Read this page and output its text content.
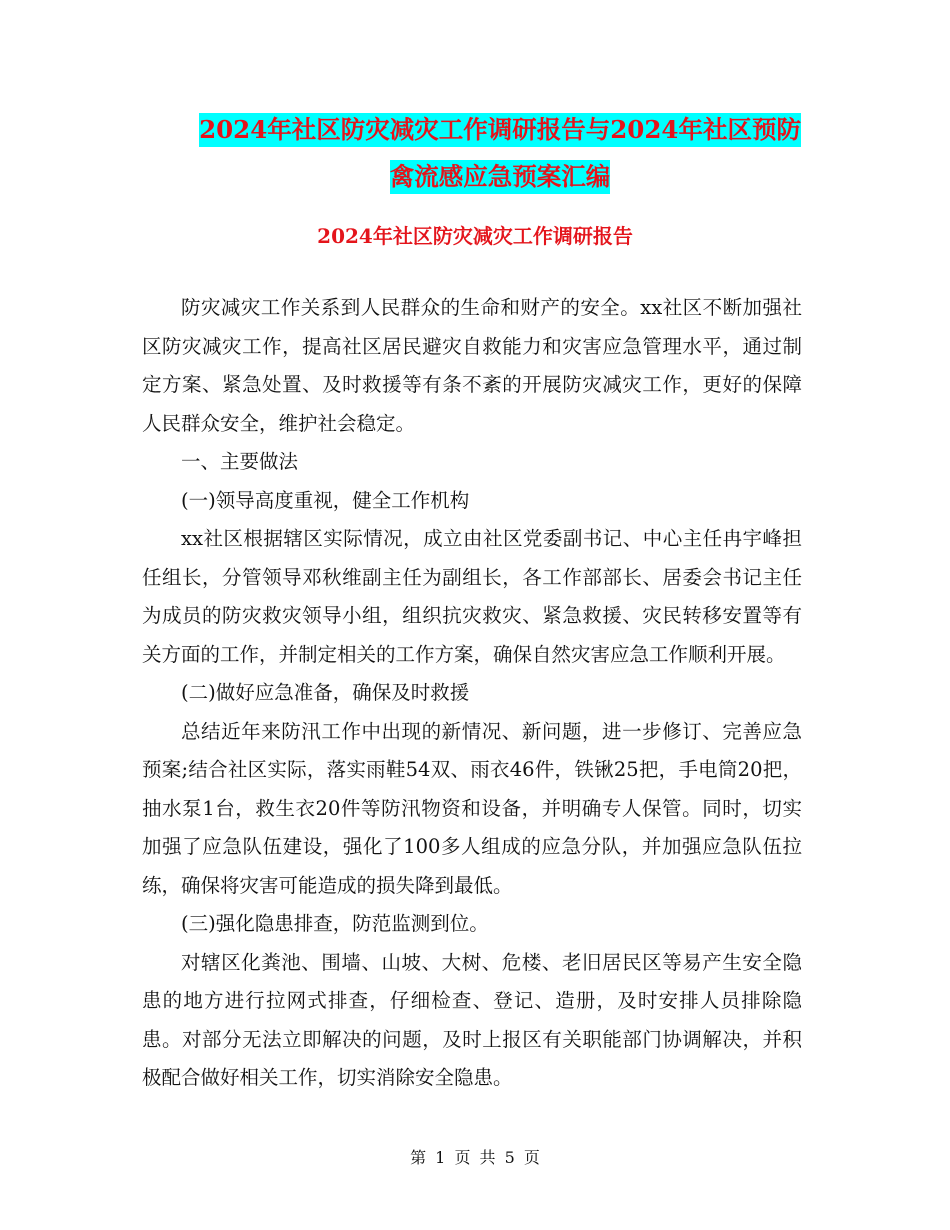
2024年社区防灾减灾工作调研报告与2024年社区预防
禽流感应急预案汇编
2024年社区防灾减灾工作调研报告

防灾减灾工作关系到人民群众的生命和财产的安全。xx社区不断加强社区防灾减灾工作，提高社区居民避灾自救能力和灾害应急管理水平，通过制定方案、紧急处置、及时救援等有条不紊的开展防灾减灾工作，更好的保障人民群众安全，维护社会稳定。

一、主要做法

(一)领导高度重视，健全工作机构

xx社区根据辖区实际情况，成立由社区党委副书记、中心主任冉宇峰担任组长，分管领导邓秋维副主任为副组长，各工作部部长、居委会书记主任为成员的防灾救灾领导小组，组织抗灾救灾、紧急救援、灾民转移安置等有关方面的工作，并制定相关的工作方案，确保自然灾害应急工作顺利开展。

(二)做好应急准备，确保及时救援

总结近年来防汛工作中出现的新情况、新问题，进一步修订、完善应急预案;结合社区实际，落实雨鞋54双、雨衣46件，铁锹25把，手电筒20把，抽水泵1台，救生衣20件等防汛物资和设备，并明确专人保管。同时，切实加强了应急队伍建设，强化了100多人组成的应急分队，并加强应急队伍拉练，确保将灾害可能造成的损失降到最低。

(三)强化隐患排查，防范监测到位。

对辖区化粪池、围墙、山坡、大树、危楼、老旧居民区等易产生安全隐患的地方进行拉网式排查，仔细检查、登记、造册，及时安排人员排除隐患。对部分无法立即解决的问题，及时上报区有关职能部门协调解决，并积极配合做好相关工作，切实消除安全隐患。

第 1 页 共 5 页
